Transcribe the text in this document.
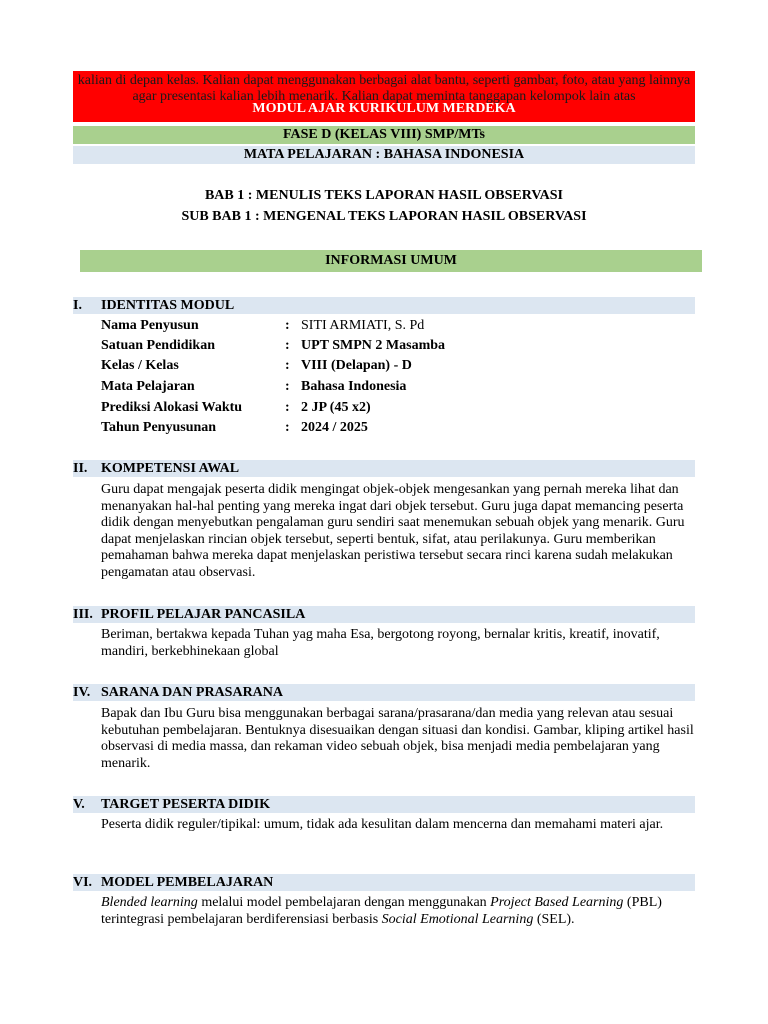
kalian di depan kelas. Kalian dapat menggunakan berbagai alat bantu, seperti gambar, foto, atau yang lainnya agar presentasi kalian lebih menarik. Kalian dapat meminta tanggapan kelompok lain atas
MODUL AJAR KURIKULUM MERDEKA
FASE D (KELAS VIII) SMP/MTs
MATA PELAJARAN : BAHASA INDONESIA
BAB 1 : MENULIS TEKS LAPORAN HASIL OBSERVASI
SUB BAB 1 : MENGENAL TEKS LAPORAN HASIL OBSERVASI
INFORMASI UMUM
I. IDENTITAS MODUL
Nama Penyusun	: SITI ARMIATI, S. Pd
Satuan Pendidikan	: UPT SMPN 2 Masamba
Kelas / Kelas	: VIII (Delapan) - D
Mata Pelajaran	: Bahasa Indonesia
Prediksi Alokasi Waktu	: 2 JP (45 x2)
Tahun Penyusunan	: 2024 / 2025
II. KOMPETENSI AWAL
Guru dapat mengajak peserta didik mengingat objek-objek mengesankan yang pernah mereka lihat dan menanyakan hal-hal penting yang mereka ingat dari objek tersebut. Guru juga dapat memancing peserta didik dengan menyebutkan pengalaman guru sendiri saat menemukan sebuah objek yang menarik. Guru dapat menjelaskan rincian objek tersebut, seperti bentuk, sifat, atau perilakunya. Guru memberikan pemahaman bahwa mereka dapat menjelaskan peristiwa tersebut secara rinci karena sudah melakukan pengamatan atau observasi.
III. PROFIL PELAJAR PANCASILA
Beriman, bertakwa kepada Tuhan yag maha Esa, bergotong royong, bernalar kritis, kreatif, inovatif, mandiri, berkebhinekaan global
IV. SARANA DAN PRASARANA
Bapak dan Ibu Guru bisa menggunakan berbagai sarana/prasarana/dan media yang relevan atau sesuai kebutuhan pembelajaran. Bentuknya disesuaikan dengan situasi dan kondisi. Gambar, kliping artikel hasil observasi di media massa, dan rekaman video sebuah objek, bisa menjadi media pembelajaran yang menarik.
V. TARGET PESERTA DIDIK
Peserta didik reguler/tipikal: umum, tidak ada kesulitan dalam mencerna dan memahami materi ajar.
VI. MODEL PEMBELAJARAN
Blended learning melalui model pembelajaran dengan menggunakan Project Based Learning (PBL) terintegrasi pembelajaran berdiferensiasi berbasis Social Emotional Learning (SEL).
